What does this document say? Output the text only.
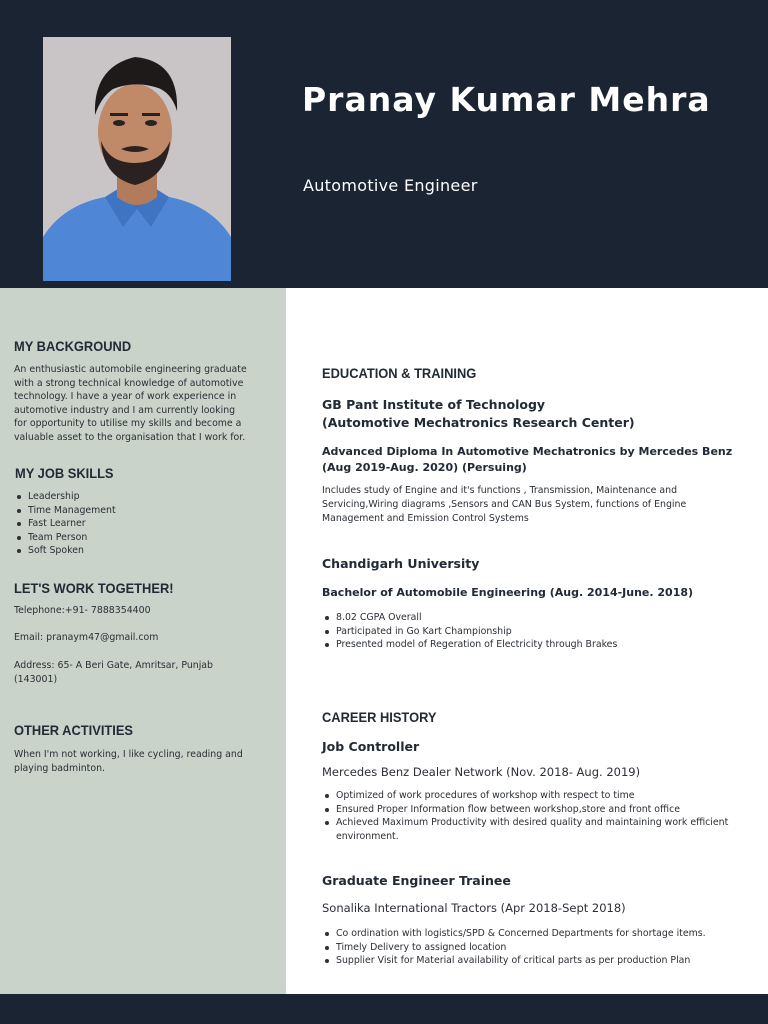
Pranay Kumar Mehra
Automotive Engineer
MY BACKGROUND
An enthusiastic automobile engineering graduate with a strong technical knowledge of automotive technology. I have a year of work experience in automotive industry and I am currently looking for opportunity to utilise my skills and become a valuable asset to the organisation that I work for.
MY JOB SKILLS
Leadership
Time Management
Fast Learner
Team Person
Soft Spoken
LET'S WORK TOGETHER!
Telephone:+91- 7888354400
Email: pranaym47@gmail.com
Address: 65- A Beri Gate, Amritsar, Punjab (143001)
OTHER ACTIVITIES
When I'm not working, I like cycling, reading and playing badminton.
EDUCATION & TRAINING
GB Pant Institute of Technology
(Automotive Mechatronics Research Center)
Advanced Diploma In Automotive Mechatronics by Mercedes Benz
(Aug 2019-Aug. 2020) (Persuing)
Includes study of Engine and it's functions , Transmission, Maintenance and Servicing,Wiring diagrams ,Sensors and CAN Bus System, functions of Engine Management and Emission Control Systems
Chandigarh University
Bachelor of Automobile Engineering (Aug. 2014-June. 2018)
8.02 CGPA Overall
Participated in Go Kart Championship
Presented model of Regeration of Electricity through Brakes
CAREER HISTORY
Job Controller
Mercedes Benz Dealer Network (Nov. 2018- Aug. 2019)
Optimized of work procedures of workshop with respect to time
Ensured Proper Information flow between workshop,store and front office
Achieved Maximum Productivity with desired quality and maintaining work efficient environment.
Graduate Engineer Trainee
Sonalika International Tractors (Apr 2018-Sept 2018)
Co ordination with logistics/SPD & Concerned Departments for shortage items.
Timely Delivery to assigned location
Supplier Visit for Material availability of critical parts as per production Plan
